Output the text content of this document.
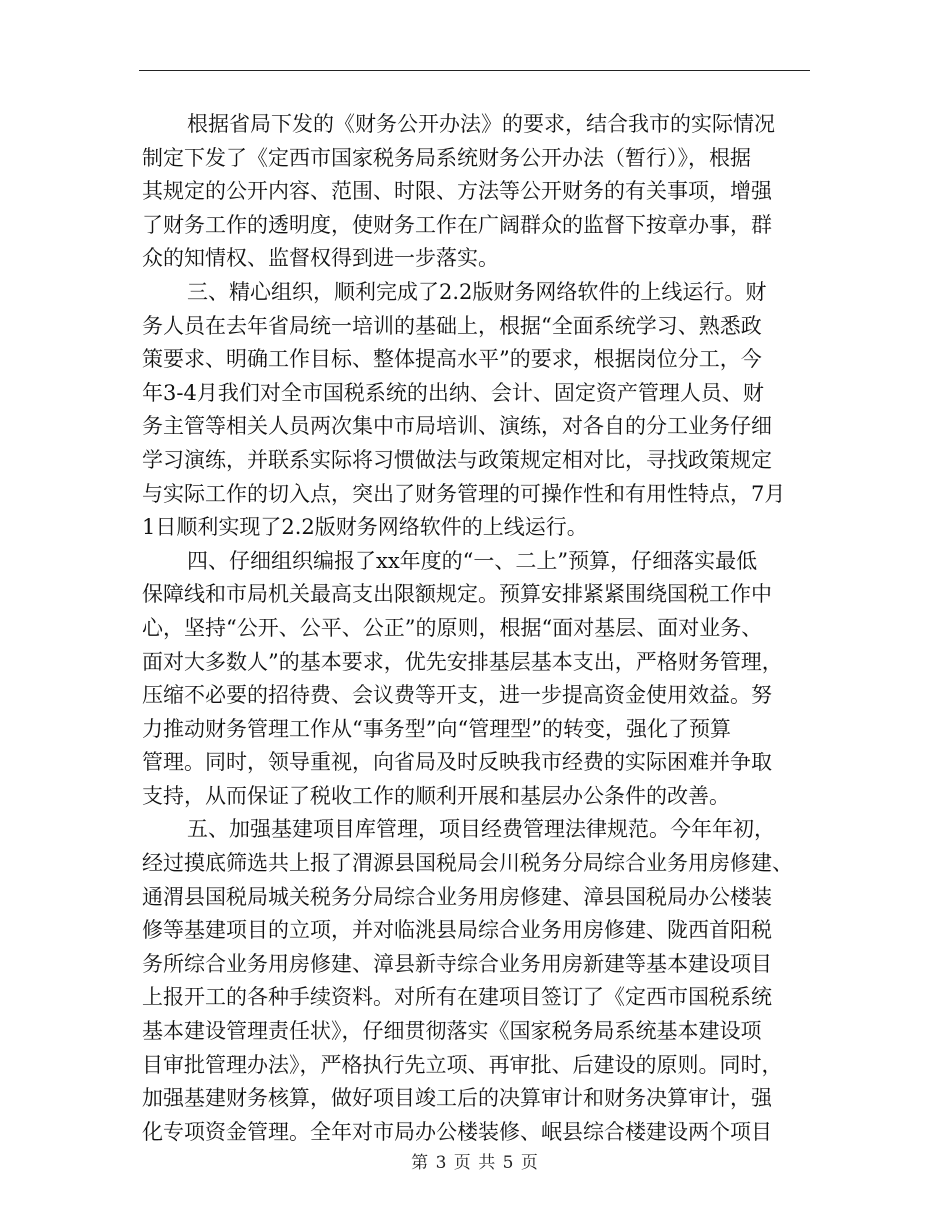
根据省局下发的《财务公开办法》的要求，结合我市的实际情况
制定下发了《定西市国家税务局系统财务公开办法（暂行）》，根据
其规定的公开内容、范围、时限、方法等公开财务的有关事项，增强
了财务工作的透明度，使财务工作在广阔群众的监督下按章办事，群
众的知情权、监督权得到进一步落实。
三、精心组织，顺利完成了2.2版财务网络软件的上线运行。财
务人员在去年省局统一培训的基础上，根据“全面系统学习、熟悉政
策要求、明确工作目标、整体提高水平”的要求，根据岗位分工，今
年3-4月我们对全市国税系统的出纳、会计、固定资产管理人员、财
务主管等相关人员两次集中市局培训、演练，对各自的分工业务仔细
学习演练，并联系实际将习惯做法与政策规定相对比，寻找政策规定
与实际工作的切入点，突出了财务管理的可操作性和有用性特点，7月
1日顺利实现了2.2版财务网络软件的上线运行。
四、仔细组织编报了xx年度的“一、二上”预算，仔细落实最低
保障线和市局机关最高支出限额规定。预算安排紧紧围绕国税工作中
心，坚持“公开、公平、公正”的原则，根据“面对基层、面对业务、
面对大多数人”的基本要求，优先安排基层基本支出，严格财务管理，
压缩不必要的招待费、会议费等开支，进一步提高资金使用效益。努
力推动财务管理工作从“事务型”向“管理型”的转变，强化了预算
管理。同时，领导重视，向省局及时反映我市经费的实际困难并争取
支持，从而保证了税收工作的顺利开展和基层办公条件的改善。
五、加强基建项目库管理，项目经费管理法律规范。今年年初，
经过摸底筛选共上报了渭源县国税局会川税务分局综合业务用房修建、
通渭县国税局城关税务分局综合业务用房修建、漳县国税局办公楼装
修等基建项目的立项，并对临洮县局综合业务用房修建、陇西首阳税
务所综合业务用房修建、漳县新寺综合业务用房新建等基本建设项目
上报开工的各种手续资料。对所有在建项目签订了《定西市国税系统
基本建设管理责任状》，仔细贯彻落实《国家税务局系统基本建设项
目审批管理办法》，严格执行先立项、再审批、后建设的原则。同时，
加强基建财务核算，做好项目竣工后的决算审计和财务决算审计，强
化专项资金管理。全年对市局办公楼装修、岷县综合楼建设两个项目
第 3 页 共 5 页
